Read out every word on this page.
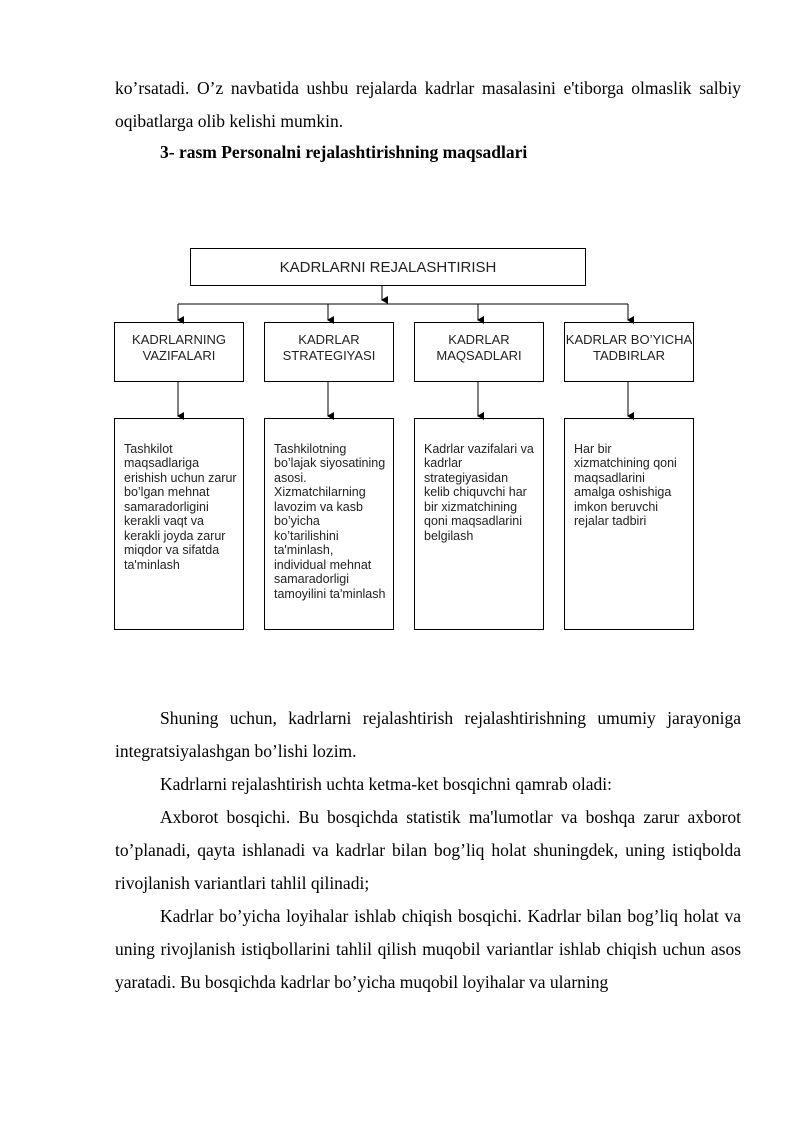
ko’rsatadi. O’z navbatida ushbu rejalarda kadrlar masalasini e'tiborga olmaslik salbiy oqibatlarga olib kelishi mumkin.

3- rasm Personalni rejalashtirishning maqsadlari

KADRLARNI REJALASHTIRISH
KADRLARNING VAZIFALARI
KADRLAR STRATEGIYASI
KADRLAR MAQSADLARI
KADRLAR BO’YICHA TADBIRLAR

Tashkilot maqsadlariga erishish uchun zarur bo’lgan mehnat samaradorligini kerakli vaqt va kerakli joyda zarur miqdor va sifatda ta'minlash

Tashkilotning bo’lajak siyosatining asosi. Xizmatchilarning lavozim va kasb bo’yicha ko’tarilishini ta'minlash, individual mehnat samaradorligi tamoyilini ta'minlash

Kadrlar vazifalari va kadrlar strategiyasidan kelib chiquvchi har bir xizmatchining qoni maqsadlarini belgilash

Har bir xizmatchining qoni maqsadlarini amalga oshishiga imkon beruvchi rejalar tadbiri

Shuning uchun, kadrlarni rejalashtirish rejalashtirishning umumiy jarayoniga integratsiyalashgan bo’lishi lozim.

Kadrlarni rejalashtirish uchta ketma-ket bosqichni qamrab oladi:

Axborot bosqichi. Bu bosqichda statistik ma'lumotlar va boshqa zarur axborot to’planadi, qayta ishlanadi va kadrlar bilan bog’liq holat shuningdek, uning istiqbolda rivojlanish variantlari tahlil qilinadi;

Kadrlar bo’yicha loyihalar ishlab chiqish bosqichi. Kadrlar bilan bog’liq holat va uning rivojlanish istiqbollarini tahlil qilish muqobil variantlar ishlab chiqish uchun asos yaratadi. Bu bosqichda kadrlar bo’yicha muqobil loyihalar va ularning
